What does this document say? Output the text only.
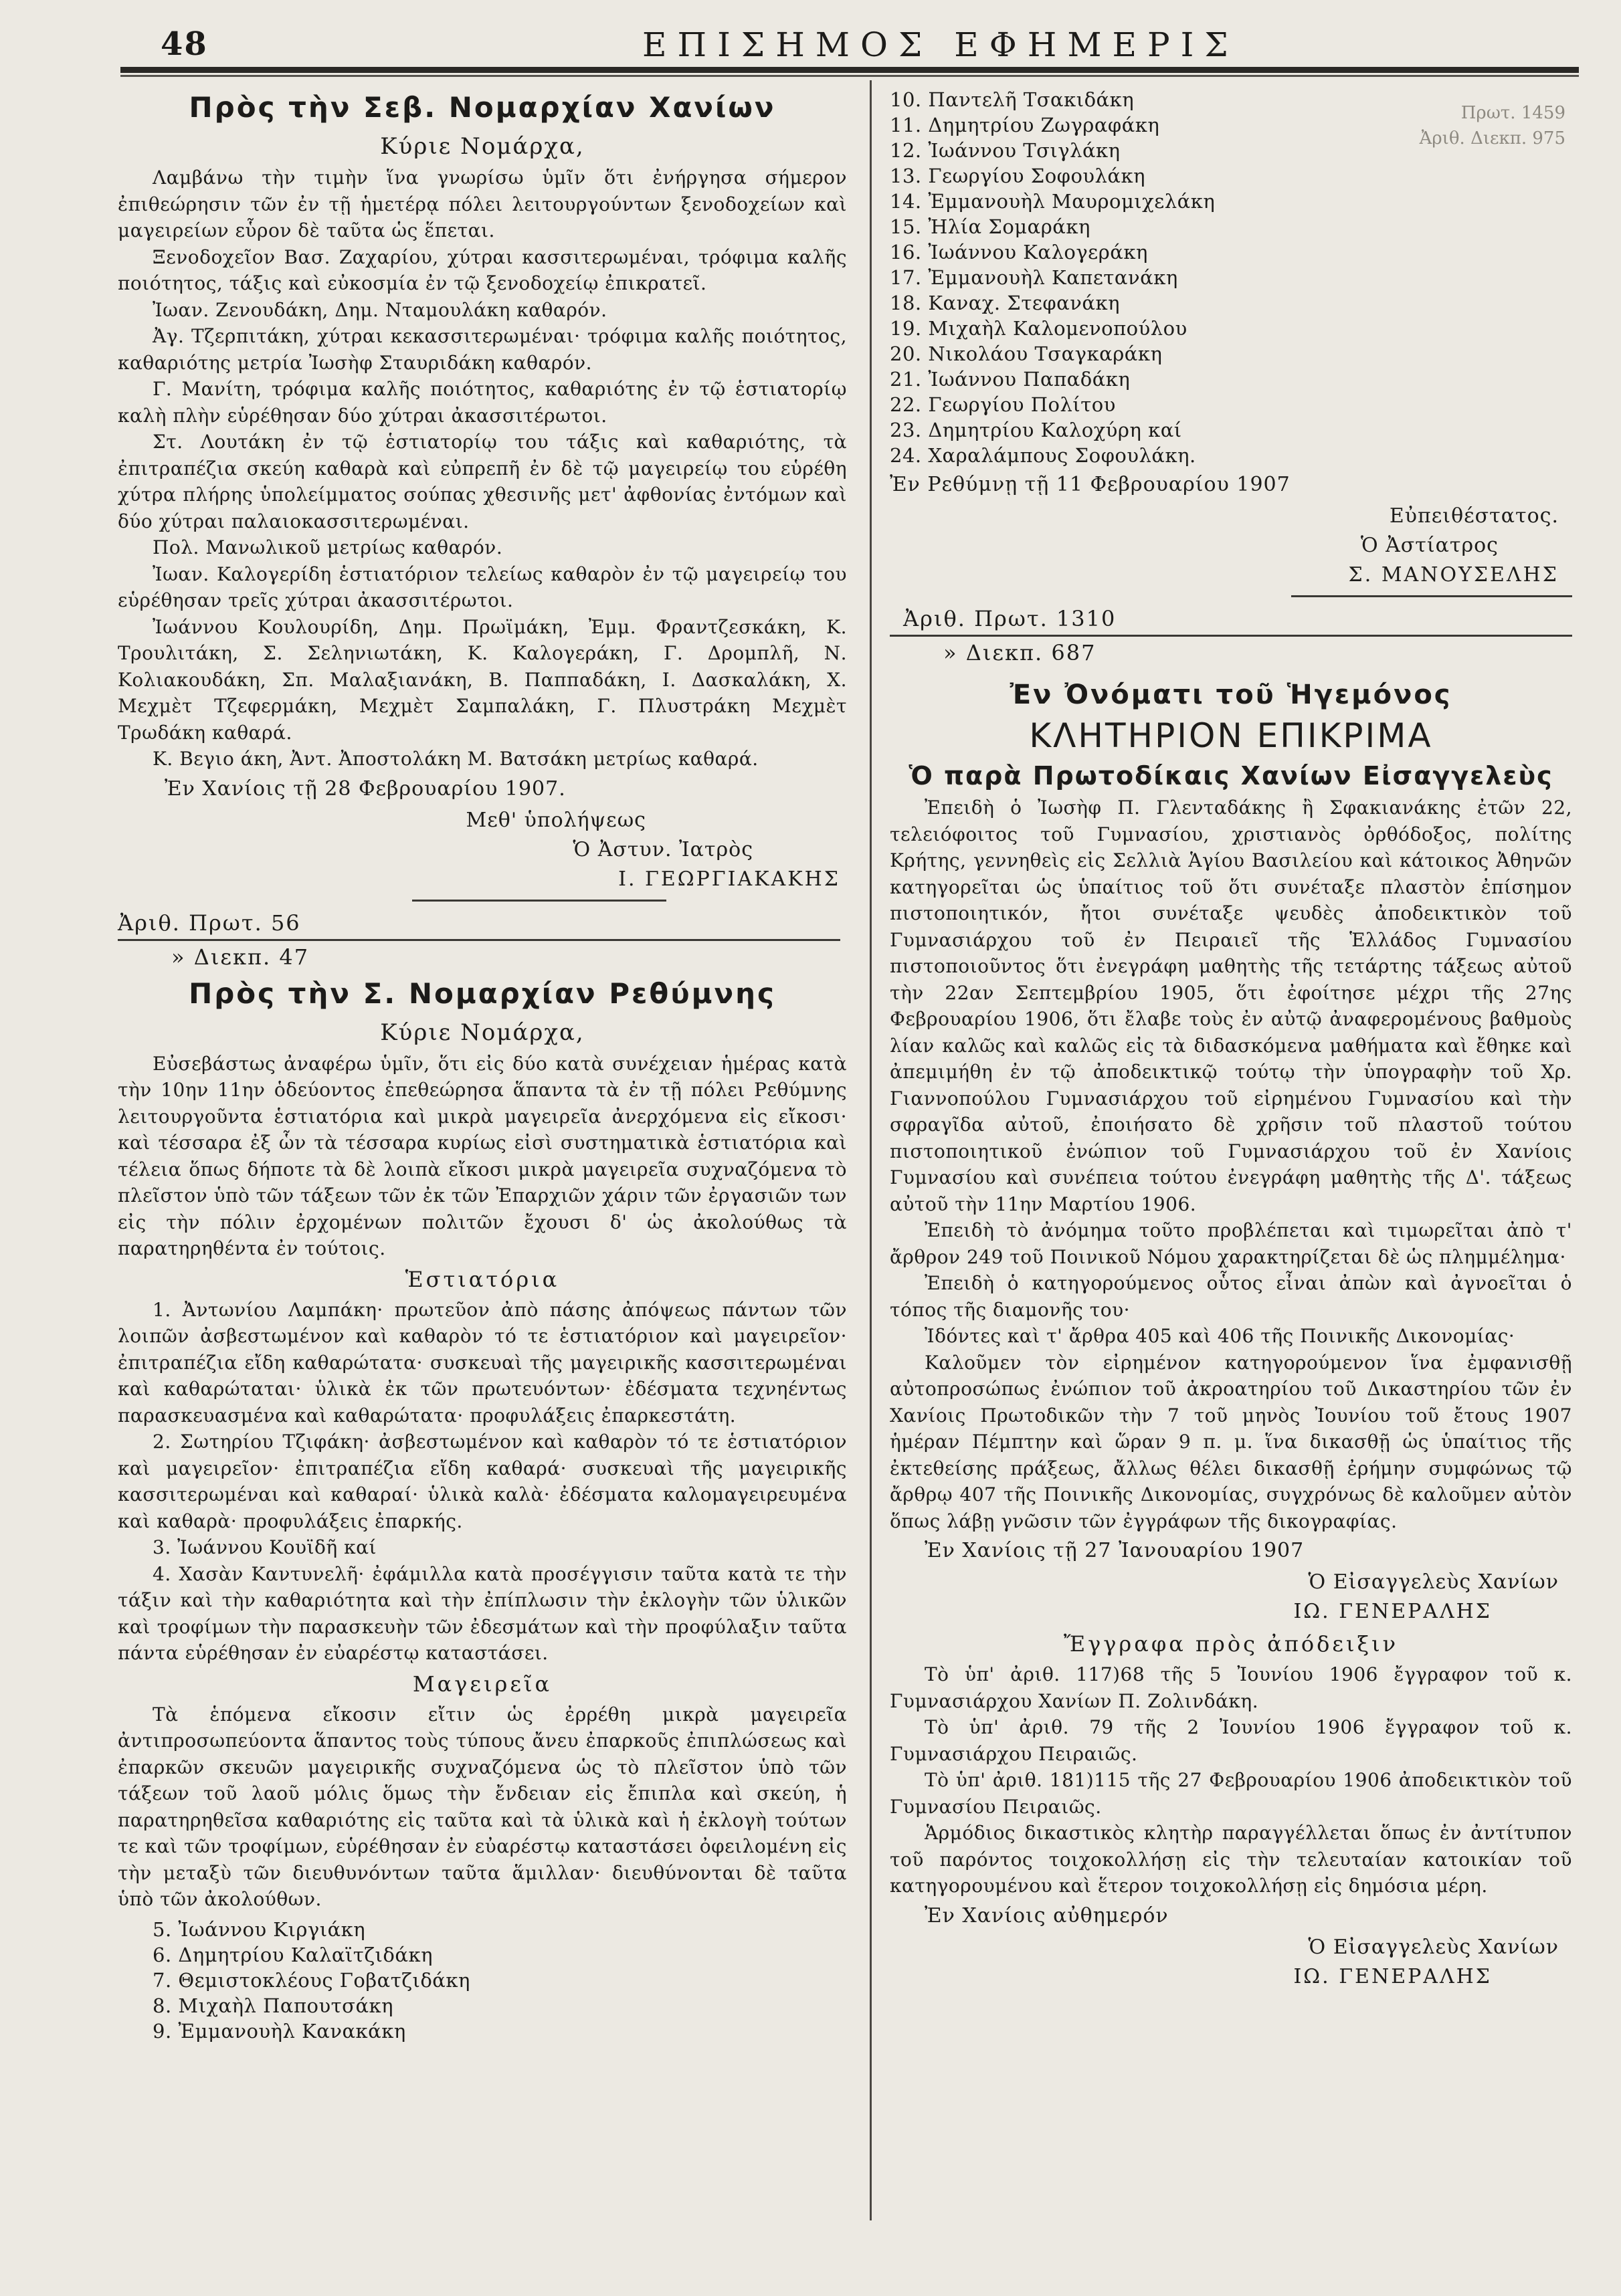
48	ΕΠΙΣΗΜΟΣ ΕΦΗΜΕΡΙΣ
Πρωτ. 1459
Ἀριθ. Διεκπ. 975

Πρὸς τὴν Σεβ. Νομαρχίαν Χανίων

Κύριε Νομάρχα,

Λαμβάνω τὴν τιμὴν ἵνα γνωρίσω ὑμῖν ὅτι ἐνήργησα σήμερον ἐπιθεώρησιν τῶν ἐν τῇ ἡμετέρᾳ πόλει λειτουργούντων ξενοδοχείων καὶ μαγειρείων εὗρον δὲ ταῦτα ὡς ἕπεται.

Ξενοδοχεῖον Βασ. Ζαχαρίου, χύτραι κασσιτερωμέναι, τρόφιμα καλῆς ποιότητος, τάξις καὶ εὐκοσμία ἐν τῷ ξενοδοχείῳ ἐπικρατεῖ.

Ἰωαν. Ζενουδάκη, Δημ. Νταμουλάκη καθαρόν.

Ἀγ. Τζερπιτάκη, χύτραι κεκασσιτερωμέναι· τρόφιμα καλῆς ποιότητος, καθαριότης μετρία Ἰωσὴφ Σταυριδάκη καθαρόν.

Γ. Μανίτη, τρόφιμα καλῆς ποιότητος, καθαριότης ἐν τῷ ἑστιατορίῳ καλὴ πλὴν εὑρέθησαν δύο χύτραι ἀκασσιτέρωτοι.

Στ. Λουτάκη ἐν τῷ ἑστιατορίῳ του τάξις καὶ καθαριότης, τὰ ἐπιτραπέζια σκεύη καθαρὰ καὶ εὐπρεπῆ ἐν δὲ τῷ μαγειρείῳ του εὑρέθη χύτρα πλήρης ὑπολείμματος σούπας χθεσινῆς μετ' ἀφθονίας ἐντόμων καὶ δύο χύτραι παλαιοκασσιτερωμέναι.

Πολ. Μανωλικοῦ μετρίως καθαρόν.

Ἰωαν. Καλογερίδη ἑστιατόριον τελείως καθαρὸν ἐν τῷ μαγειρείῳ του εὑρέθησαν τρεῖς χύτραι ἀκασσιτέρωτοι.

Ἰωάννου Κουλουρίδη, Δημ. Πρωϊμάκη, Ἐμμ. Φραντζεσκάκη, Κ. Τρουλιτάκη, Σ. Σεληνιωτάκη, Κ. Καλογεράκη, Γ. Δρομπλῆ, Ν. Κολιακουδάκη, Σπ. Μαλαξιανάκη, Β. Παππαδάκη, Ι. Δασκαλάκη, Χ. Μεχμὲτ Τζεφερμάκη, Μεχμὲτ Σαμπαλάκη, Γ. Πλυστράκη Μεχμὲτ Τρωδάκη καθαρά.

Κ. Βεγιο άκη, Ἀντ. Ἀποστολάκη Μ. Βατσάκη μετρίως καθαρά.

Ἐν Χανίοις τῇ 28 Φεβρουαρίου 1907.

Μεθ' ὑπολήψεως

Ὁ Ἀστυν. Ἰατρὸς

Ι. ΓΕΩΡΓΙΑΚΑΚΗΣ

Ἀριθ. Πρωτ. 56

» Διεκπ. 47

Πρὸς τὴν Σ. Νομαρχίαν Ρεθύμνης

Κύριε Νομάρχα,

Εὐσεβάστως ἀναφέρω ὑμῖν, ὅτι εἰς δύο κατὰ συνέχειαν ἡμέρας κατὰ τὴν 10ην 11ην ὁδεύοντος ἐπεθεώρησα ἅπαντα τὰ ἐν τῇ πόλει Ρεθύμνης λειτουργοῦντα ἑστιατόρια καὶ μικρὰ μαγειρεῖα ἀνερχόμενα εἰς εἴκοσι· καὶ τέσσαρα ἐξ ὧν τὰ τέσσαρα κυρίως εἰσὶ συστηματικὰ ἑστιατόρια καὶ τέλεια ὅπως δήποτε τὰ δὲ λοιπὰ εἴκοσι μικρὰ μαγειρεῖα συχναζόμενα τὸ πλεῖστον ὑπὸ τῶν τάξεων τῶν ἐκ τῶν Ἐπαρχιῶν χάριν τῶν ἐργασιῶν των εἰς τὴν πόλιν ἐρχομένων πολιτῶν ἔχουσι δ' ὡς ἀκολούθως τὰ παρατηρηθέντα ἐν τούτοις.

Ἑστιατόρια

1. Ἀντωνίου Λαμπάκη· πρωτεῦον ἀπὸ πάσης ἀπόψεως πάντων τῶν λοιπῶν ἀσβεστωμένον καὶ καθαρὸν τό τε ἑστιατόριον καὶ μαγειρεῖον· ἐπιτραπέζια εἴδη καθαρώτατα· συσκευαὶ τῆς μαγειρικῆς κασσιτερωμέναι καὶ καθαρώταται· ὑλικὰ ἐκ τῶν πρωτευόντων· ἐδέσματα τεχνηέντως παρασκευασμένα καὶ καθαρώτατα· προφυλάξεις ἐπαρκεστάτη.

2. Σωτηρίου Τζιφάκη· ἀσβεστωμένον καὶ καθαρὸν τό τε ἑστιατόριον καὶ μαγειρεῖον· ἐπιτραπέζια εἴδη καθαρά· συσκευαὶ τῆς μαγειρικῆς κασσιτερωμέναι καὶ καθαραί· ὑλικὰ καλὰ· ἐδέσματα καλομαγειρευμένα καὶ καθαρὰ· προφυλάξεις ἐπαρκής.

3. Ἰωάννου Κουϊδῆ καί

4. Χασὰν Καντυνελῆ· ἐφάμιλλα κατὰ προσέγγισιν ταῦτα κατὰ τε τὴν τάξιν καὶ τὴν καθαριότητα καὶ τὴν ἐπίπλωσιν τὴν ἐκλογὴν τῶν ὑλικῶν καὶ τροφίμων τὴν παρασκευὴν τῶν ἐδεσμάτων καὶ τὴν προφύλαξιν ταῦτα πάντα εὑρέθησαν ἐν εὐαρέστῳ καταστάσει.

Μαγειρεῖα

Τὰ ἑπόμενα εἴκοσιν εἴτιν ὡς ἐρρέθη μικρὰ μαγειρεῖα ἀντιπροσωπεύοντα ἅπαντος τοὺς τύπους ἄνευ ἐπαρκοῦς ἐπιπλώσεως καὶ ἐπαρκῶν σκευῶν μαγειρικῆς συχναζόμενα ὡς τὸ πλεῖστον ὑπὸ τῶν τάξεων τοῦ λαοῦ μόλις ὅμως τὴν ἔνδειαν εἰς ἔπιπλα καὶ σκεύη, ἡ παρατηρηθεῖσα καθαριότης εἰς ταῦτα καὶ τὰ ὑλικὰ καὶ ἡ ἐκλογὴ τούτων τε καὶ τῶν τροφίμων, εὑρέθησαν ἐν εὐαρέστῳ καταστάσει ὀφειλομένη εἰς τὴν μεταξὺ τῶν διευθυνόντων ταῦτα ἅμιλλαν· διευθύνονται δὲ ταῦτα ὑπὸ τῶν ἀκολούθων.

5. Ἰωάννου Κιργιάκη
6. Δημητρίου Καλαϊτζιδάκη
7. Θεμιστοκλέους Γοβατζιδάκη
8. Μιχαὴλ Παπουτσάκη
9. Ἐμμανουὴλ Κανακάκη
10. Παντελῆ Τσακιδάκη
11. Δημητρίου Ζωγραφάκη
12. Ἰωάννου Τσιγλάκη
13. Γεωργίου Σοφουλάκη
14. Ἐμμανουὴλ Μαυρομιχελάκη
15. Ἠλία Σομαράκη
16. Ἰωάννου Καλογεράκη
17. Ἐμμανουὴλ Καπετανάκη
18. Καναχ. Στεφανάκη
19. Μιχαὴλ Καλομενοπούλου
20. Νικολάου Τσαγκαράκη
21. Ἰωάννου Παπαδάκη
22. Γεωργίου Πολίτου
23. Δημητρίου Καλοχύρη καί
24. Χαραλάμπους Σοφουλάκη.

Ἐν Ρεθύμνῃ τῇ 11 Φεβρουαρίου 1907

Εὐπειθέστατος.

Ὁ Ἀστίατρος

Σ. ΜΑΝΟΥΣΕΛΗΣ

Ἀριθ. Πρωτ. 1310

» Διεκπ. 687

Ἐν Ὀνόματι τοῦ Ἡγεμόνος

ΚΛΗΤΗΡΙΟΝ ΕΠΙΚΡΙΜΑ

Ὁ παρὰ Πρωτοδίκαις Χανίων Εἰσαγγελεὺς

Ἐπειδὴ ὁ Ἰωσὴφ Π. Γλενταδάκης ἢ Σφακιανάκης ἐτῶν 22, τελειόφοιτος τοῦ Γυμνασίου, χριστιανὸς ὀρθόδοξος, πολίτης Κρήτης, γεννηθεὶς εἰς Σελλιὰ Ἁγίου Βασιλείου καὶ κάτοικος Ἀθηνῶν κατηγορεῖται ὡς ὑπαίτιος τοῦ ὅτι συνέταξε πλαστὸν ἐπίσημον πιστοποιητικόν, ἤτοι συνέταξε ψευδὲς ἀποδεικτικὸν τοῦ Γυμνασιάρχου τοῦ ἐν Πειραιεῖ τῆς Ἑλλάδος Γυμνασίου πιστοποιοῦντος ὅτι ἐνεγράφη μαθητὴς τῆς τετάρτης τάξεως αὐτοῦ τὴν 22αν Σεπτεμβρίου 1905, ὅτι ἐφοίτησε μέχρι τῆς 27ης Φεβρουαρίου 1906, ὅτι ἔλαβε τοὺς ἐν αὐτῷ ἀναφερομένους βαθμοὺς λίαν καλῶς καὶ καλῶς εἰς τὰ διδασκόμενα μαθήματα καὶ ἔθηκε καὶ ἀπεμιμήθη ἐν τῷ ἀποδεικτικῷ τούτῳ τὴν ὑπογραφὴν τοῦ Χρ. Γιαννοπούλου Γυμνασιάρχου τοῦ εἰρημένου Γυμνασίου καὶ τὴν σφραγῖδα αὐτοῦ, ἐποιήσατο δὲ χρῆσιν τοῦ πλαστοῦ τούτου πιστοποιητικοῦ ἐνώπιον τοῦ Γυμνασιάρχου τοῦ ἐν Χανίοις Γυμνασίου καὶ συνέπεια τούτου ἐνεγράφη μαθητὴς τῆς Δ'. τάξεως αὐτοῦ τὴν 11ην Μαρτίου 1906.

Ἐπειδὴ τὸ ἀνόμημα τοῦτο προβλέπεται καὶ τιμωρεῖται ἀπὸ τ' ἄρθρον 249 τοῦ Ποινικοῦ Νόμου χαρακτηρίζεται δὲ ὡς πλημμέλημα·

Ἐπειδὴ ὁ κατηγορούμενος οὗτος εἶναι ἀπὼν καὶ ἀγνοεῖται ὁ τόπος τῆς διαμονῆς του·

Ἰδόντες καὶ τ' ἄρθρα 405 καὶ 406 τῆς Ποινικῆς Δικονομίας·

Καλοῦμεν τὸν εἰρημένον κατηγορούμενον ἵνα ἐμφανισθῇ αὐτοπροσώπως ἐνώπιον τοῦ ἀκροατηρίου τοῦ Δικαστηρίου τῶν ἐν Χανίοις Πρωτοδικῶν τὴν 7 τοῦ μηνὸς Ἰουνίου τοῦ ἔτους 1907 ἡμέραν Πέμπτην καὶ ὥραν 9 π. μ. ἵνα δικασθῇ ὡς ὑπαίτιος τῆς ἐκτεθείσης πράξεως, ἄλλως θέλει δικασθῇ ἐρήμην συμφώνως τῷ ἄρθρῳ 407 τῆς Ποινικῆς Δικονομίας, συγχρόνως δὲ καλοῦμεν αὐτὸν ὅπως λάβῃ γνῶσιν τῶν ἐγγράφων τῆς δικογραφίας.

Ἐν Χανίοις τῇ 27 Ἰανουαρίου 1907

Ὁ Εἰσαγγελεὺς Χανίων

ΙΩ. ΓΕΝΕΡΑΛΗΣ

Ἔγγραφα πρὸς ἀπόδειξιν

Τὸ ὑπ' ἀριθ. 117)68 τῆς 5 Ἰουνίου 1906 ἔγγραφον τοῦ κ. Γυμνασιάρχου Χανίων Π. Ζολινδάκη.

Τὸ ὑπ' ἀριθ. 79 τῆς 2 Ἰουνίου 1906 ἔγγραφον τοῦ κ. Γυμνασιάρχου Πειραιῶς.

Τὸ ὑπ' ἀριθ. 181)115 τῆς 27 Φεβρουαρίου 1906 ἀποδεικτικὸν τοῦ Γυμνασίου Πειραιῶς.

Ἁρμόδιος δικαστικὸς κλητὴρ παραγγέλλεται ὅπως ἐν ἀντίτυπον τοῦ παρόντος τοιχοκολλήσῃ εἰς τὴν τελευταίαν κατοικίαν τοῦ κατηγορουμένου καὶ ἕτερον τοιχοκολλήσῃ εἰς δημόσια μέρη.

Ἐν Χανίοις αὐθημερόν

Ὁ Εἰσαγγελεὺς Χανίων

ΙΩ. ΓΕΝΕΡΑΛΗΣ
